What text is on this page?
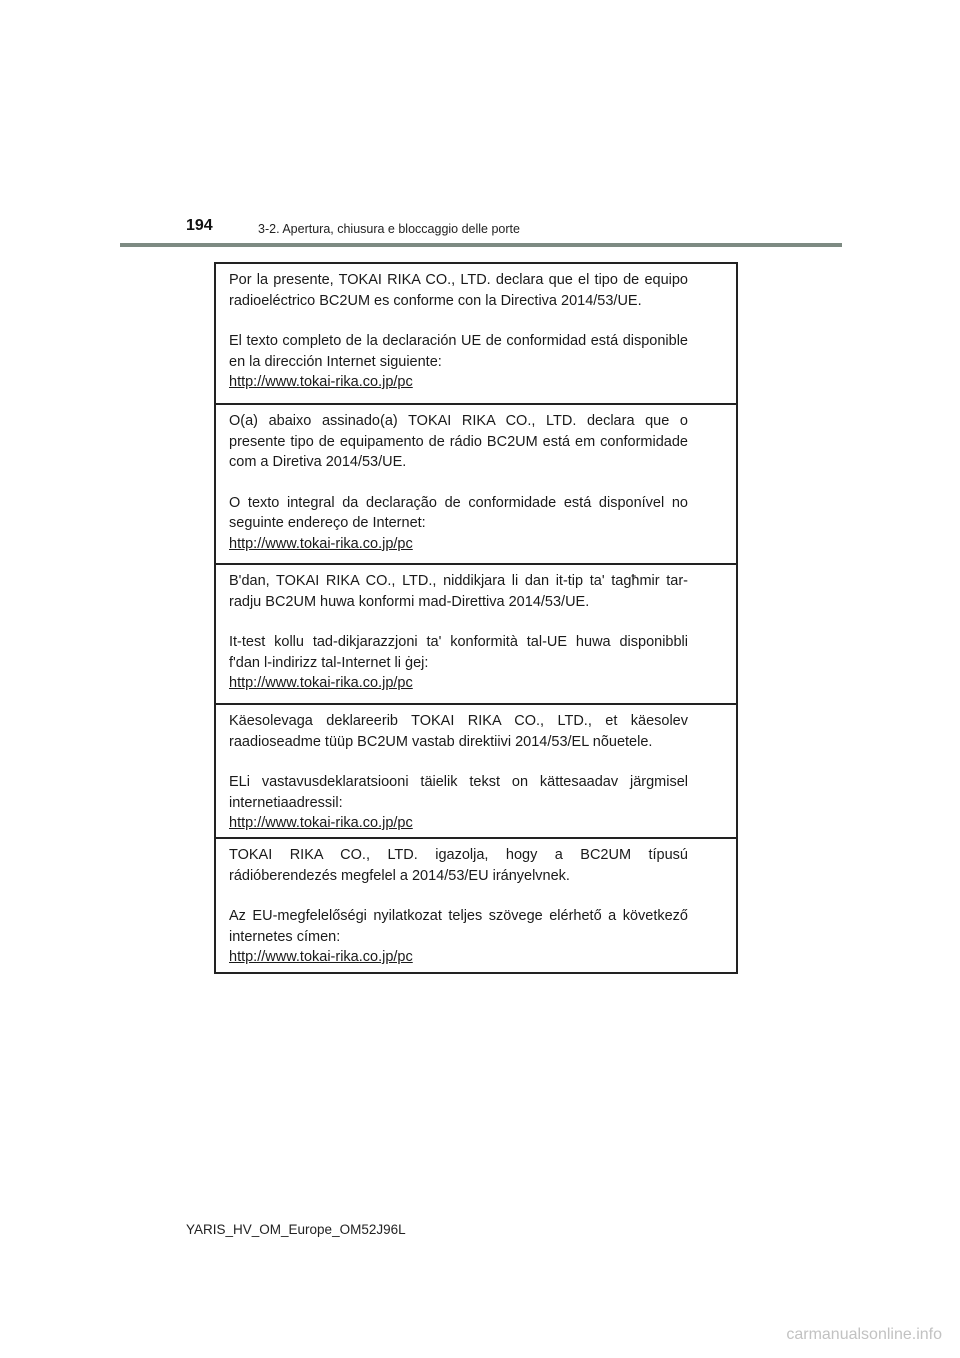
194	3-2. Apertura, chiusura e bloccaggio delle porte

Por la presente, TOKAI RIKA CO., LTD. declara que el tipo de equipo radioeléctrico BC2UM es conforme con la Directiva 2014/53/UE.

El texto completo de la declaración UE de conformidad está disponible en la dirección Internet siguiente:

http://www.tokai-rika.co.jp/pc

O(a) abaixo assinado(a) TOKAI RIKA CO., LTD. declara que o presente tipo de equipamento de rádio BC2UM está em conformidade com a Diretiva 2014/53/UE.

O texto integral da declaração de conformidade está disponível no seguinte endereço de Internet:

http://www.tokai-rika.co.jp/pc

B'dan, TOKAI RIKA CO., LTD., niddikjara li dan it-tip ta' tagħmir tar-radju BC2UM huwa konformi mad-Direttiva 2014/53/UE.

It-test kollu tad-dikjarazzjoni ta' konformità tal-UE huwa disponibbli f'dan l-indirizz tal-Internet li ġej:

http://www.tokai-rika.co.jp/pc

Käesolevaga deklareerib TOKAI RIKA CO., LTD., et käesolev raadioseadme tüüp BC2UM vastab direktiivi 2014/53/EL nõuetele.

ELi vastavusdeklaratsiooni täielik tekst on kättesaadav järgmisel internetiaadressil:

http://www.tokai-rika.co.jp/pc

TOKAI RIKA CO., LTD. igazolja, hogy a BC2UM típusú rádióberendezés megfelel a 2014/53/EU irányelvnek.

Az EU-megfelelőségi nyilatkozat teljes szövege elérhető a következő internetes címen:

http://www.tokai-rika.co.jp/pc
YARIS_HV_OM_Europe_OM52J96L
carmanualsonline.info
